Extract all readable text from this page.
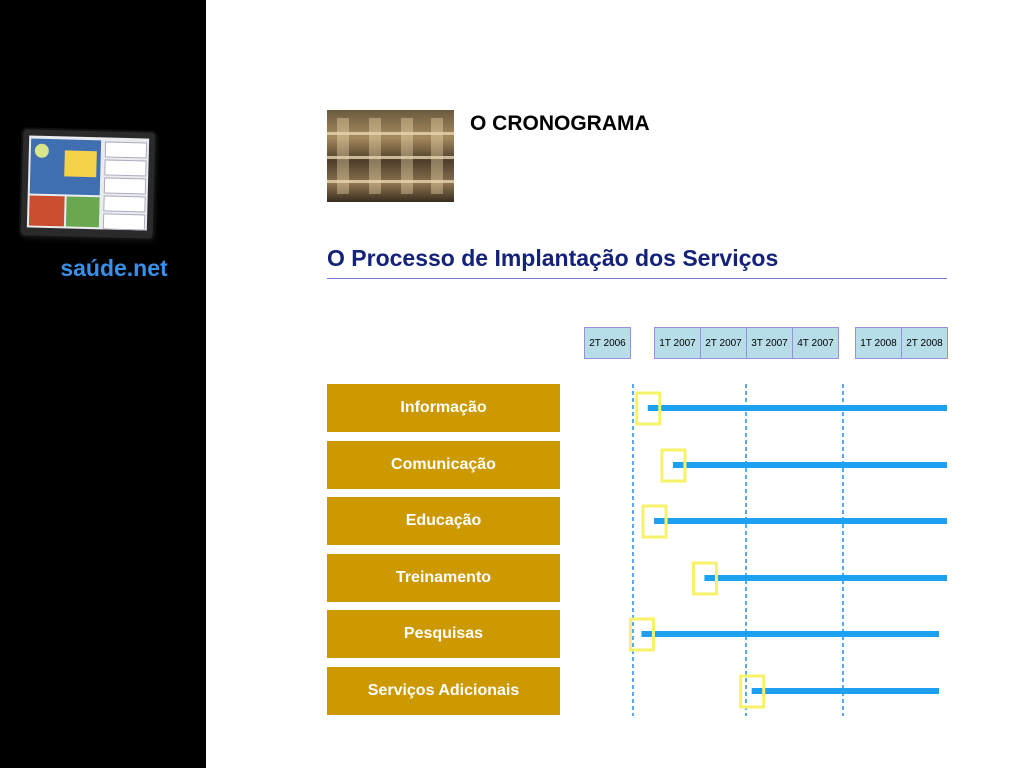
saúde.net
O CRONOGRAMA
O Processo de Implantação dos Serviços
2T 2006	1T 2007 2T 2007 3T 2007 4T 2007	1T 2008 2T 2008
Informação
Comunicação
Educação
Treinamento
Pesquisas
Serviços Adicionais
